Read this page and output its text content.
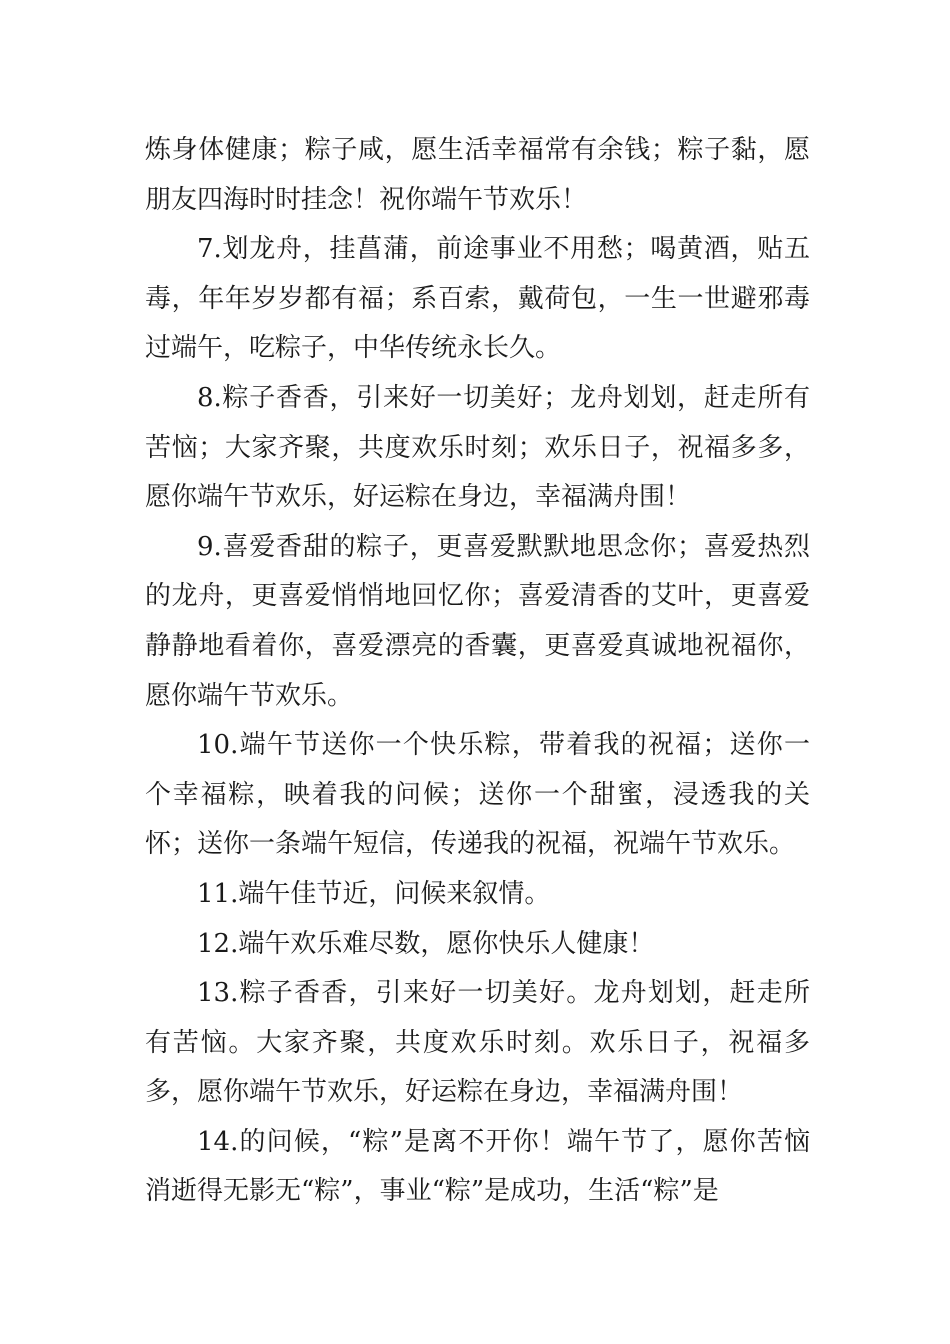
炼身体健康；粽子咸，愿生活幸福常有余钱；粽子黏，愿朋友四海时时挂念！祝你端午节欢乐！

7.划龙舟，挂菖蒲，前途事业不用愁；喝黄酒，贴五毒，年年岁岁都有福；系百索，戴荷包，一生一世避邪毒过端午，吃粽子，中华传统永长久。

8.粽子香香，引来好一切美好；龙舟划划，赶走所有苦恼；大家齐聚，共度欢乐时刻；欢乐日子，祝福多多，愿你端午节欢乐，好运粽在身边，幸福满舟围！

9.喜爱香甜的粽子，更喜爱默默地思念你；喜爱热烈的龙舟，更喜爱悄悄地回忆你；喜爱清香的艾叶，更喜爱静静地看着你，喜爱漂亮的香囊，更喜爱真诚地祝福你，愿你端午节欢乐。

10.端午节送你一个快乐粽，带着我的祝福；送你一个幸福粽，映着我的问候；送你一个甜蜜，浸透我的关怀；送你一条端午短信，传递我的祝福，祝端午节欢乐。

11.端午佳节近，问候来叙情。

12.端午欢乐难尽数，愿你快乐人健康！

13.粽子香香，引来好一切美好。龙舟划划，赶走所有苦恼。大家齐聚，共度欢乐时刻。欢乐日子，祝福多多，愿你端午节欢乐，好运粽在身边，幸福满舟围！

14.的问候，“粽”是离不开你！端午节了，愿你苦恼消逝得无影无“粽”，事业“粽”是成功，生活“粽”是
